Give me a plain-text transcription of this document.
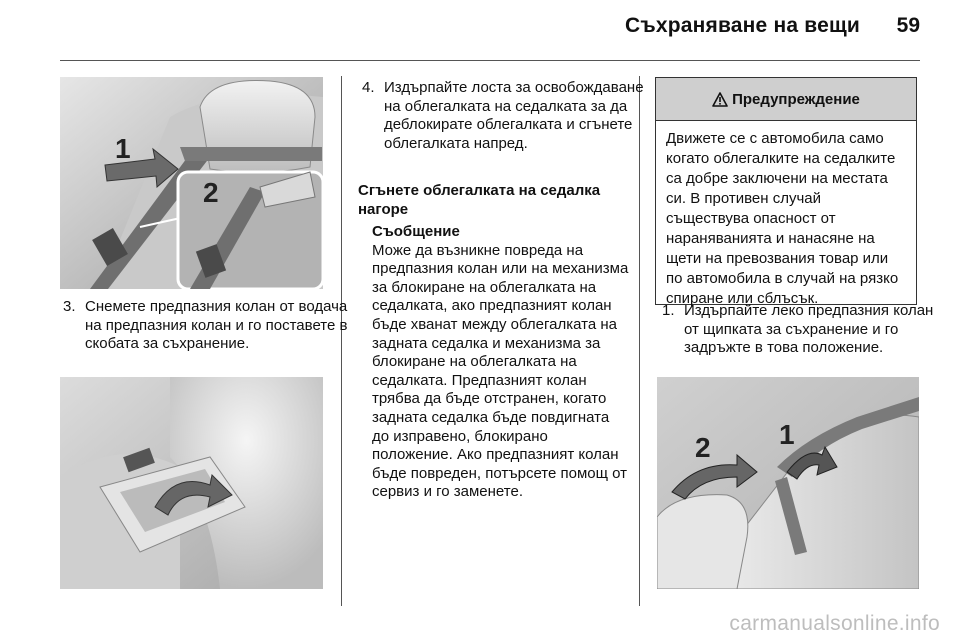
Съхраняване на вещи	59
1
2
3. Снемете предпазния колан от водача на предпазния колан и го поставете в скобата за съхранение.
4. Издърпайте лоста за освобождаване на облегалката на седалката за да деблокирате облегалката и сгънете облегалката напред.
Сгънете облегалката на седалка нагоре
Съобщение
Може да възникне повреда на предпазния колан или на механизма за блокиране на облегалката на седалката, ако предпазният колан бъде хванат между облегалката на задната седалка и механизма за блокиране на облегалката на седалката. Предпазният колан трябва да бъде отстранен, когато задната седалка бъде повдигната до изправено, блокирано положение. Ако предпазният колан бъде повреден, потърсете помощ от сервиз и го заменете.
Предупреждение
Движете се с автомобила само когато облегалките на седалките са добре заключени на местата си. В противен случай съществува опасност от нараняванията и нанасяне на щети на превозвания товар или по автомобила в случай на рязко спиране или сблъсък.
1. Издърпайте леко предпазния колан от щипката за съхранение и го задръжте в това положение.
1
2
carmanualsonline.info
